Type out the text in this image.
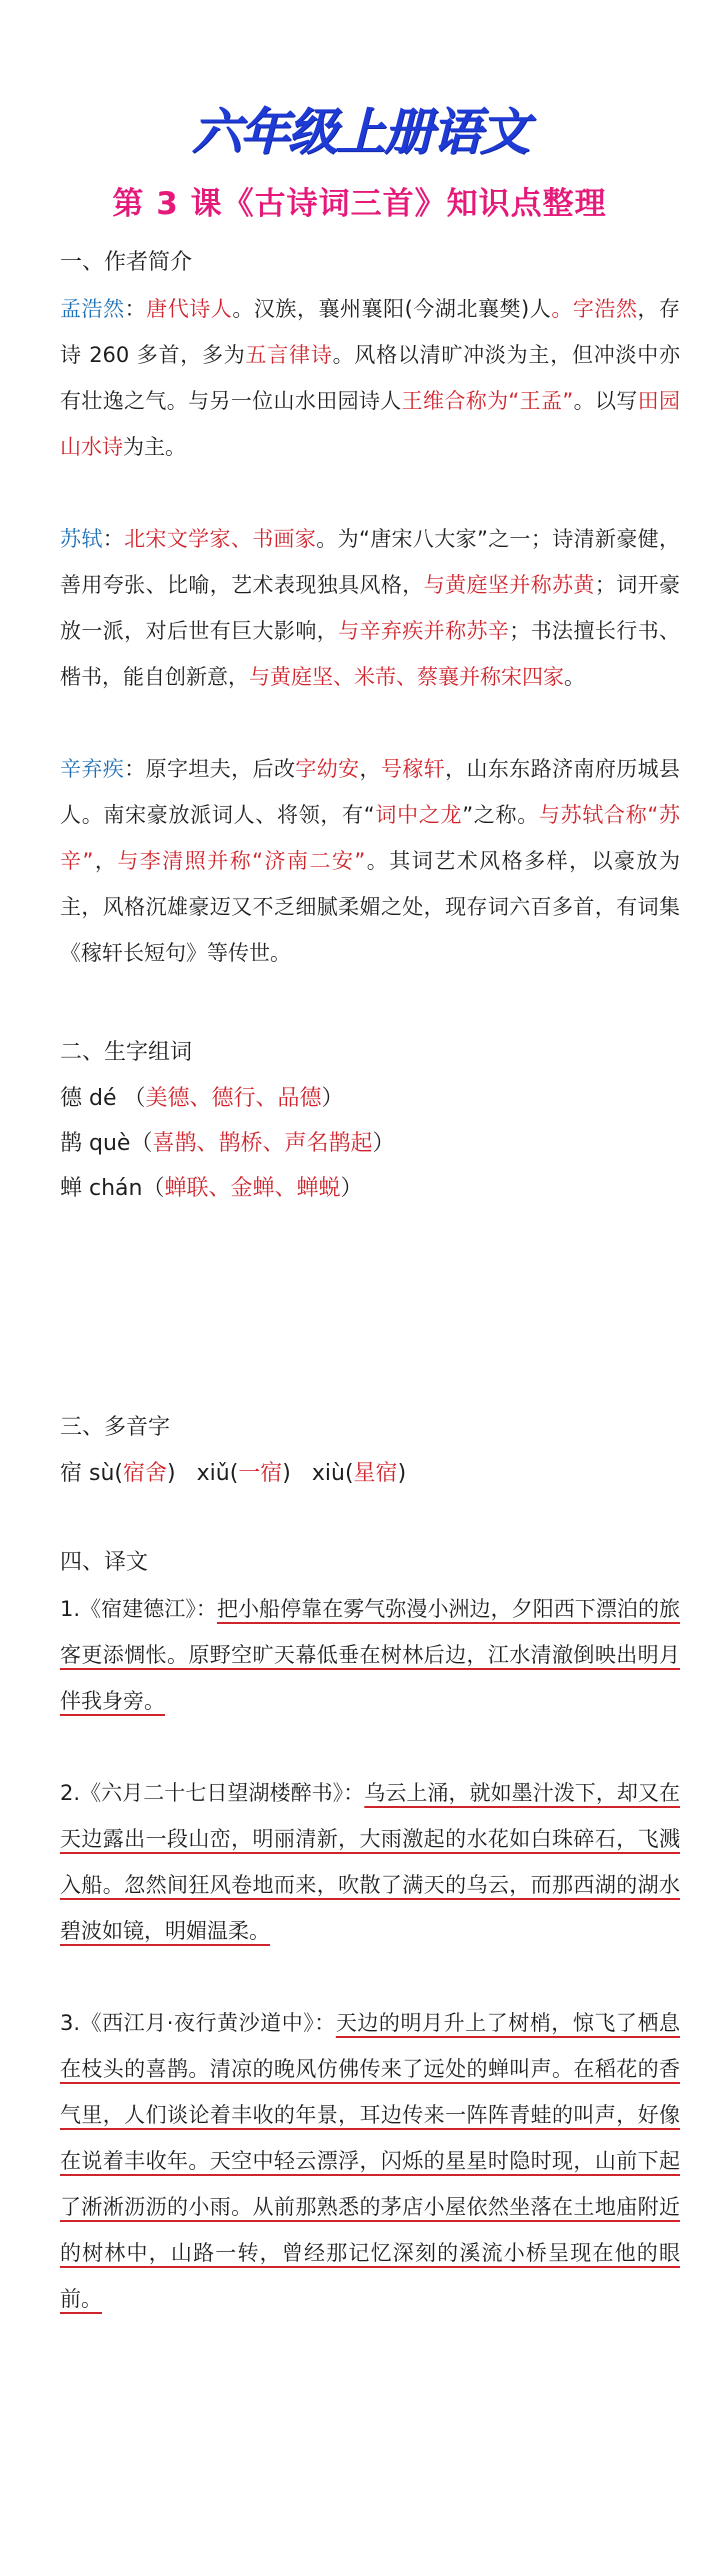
六年级上册语文
第 3 课《古诗词三首》知识点整理
一、作者简介

孟浩然：唐代诗人。汉族，襄州襄阳(今湖北襄樊)人。字浩然，存诗 260 多首，多为五言律诗。风格以清旷冲淡为主，但冲淡中亦有壮逸之气。与另一位山水田园诗人王维合称为“王孟”。以写田园山水诗为主。

苏轼：北宋文学家、书画家。为“唐宋八大家”之一；诗清新豪健，善用夸张、比喻，艺术表现独具风格，与黄庭坚并称苏黄；词开豪放一派，对后世有巨大影响，与辛弃疾并称苏辛；书法擅长行书、楷书，能自创新意，与黄庭坚、米芾、蔡襄并称宋四家。

辛弃疾：原字坦夫，后改字幼安，号稼轩，山东东路济南府历城县人。南宋豪放派词人、将领，有“词中之龙”之称。与苏轼合称“苏辛”，与李清照并称“济南二安”。其词艺术风格多样，以豪放为主，风格沉雄豪迈又不乏细腻柔媚之处，现存词六百多首，有词集《稼轩长短句》等传世。

二、生字组词

德 dé （美德、德行、品德）

鹊 què（喜鹊、鹊桥、声名鹊起）

蝉 chán（蝉联、金蝉、蝉蜕）

三、多音字

宿 sù(宿舍) xiǔ(一宿) xiù(星宿)

四、译文

1.《宿建德江》：把小船停靠在雾气弥漫小洲边，夕阳西下漂泊的旅客更添惆怅。原野空旷天幕低垂在树林后边，江水清澈倒映出明月伴我身旁。

2.《六月二十七日望湖楼醉书》：乌云上涌，就如墨汁泼下，却又在天边露出一段山峦，明丽清新，大雨激起的水花如白珠碎石，飞溅入船。忽然间狂风卷地而来，吹散了满天的乌云，而那西湖的湖水碧波如镜，明媚温柔。

3.《西江月·夜行黄沙道中》：天边的明月升上了树梢，惊飞了栖息在枝头的喜鹊。清凉的晚风仿佛传来了远处的蝉叫声。在稻花的香气里，人们谈论着丰收的年景，耳边传来一阵阵青蛙的叫声，好像在说着丰收年。天空中轻云漂浮，闪烁的星星时隐时现，山前下起了淅淅沥沥的小雨。从前那熟悉的茅店小屋依然坐落在土地庙附近的树林中，山路一转，曾经那记忆深刻的溪流小桥呈现在他的眼前。
